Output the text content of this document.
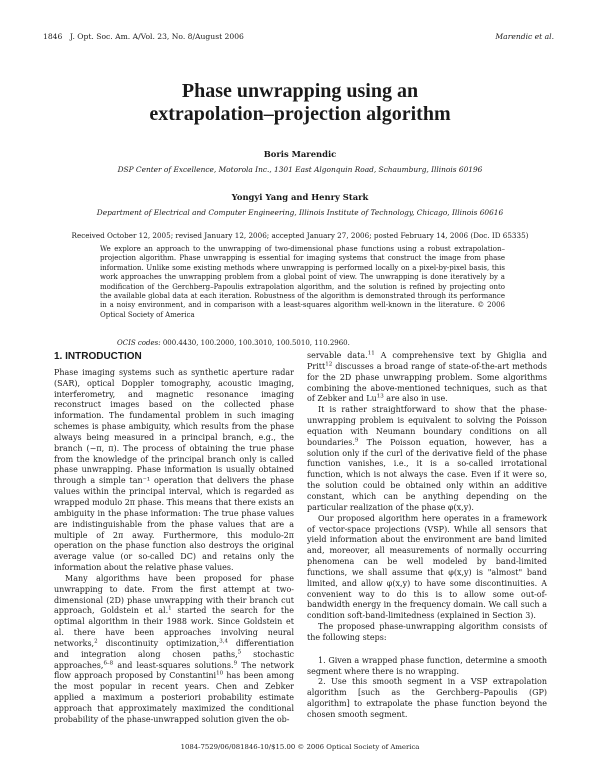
1846 J. Opt. Soc. Am. A/Vol. 23, No. 8/August 2006	Marendic et al.
Phase unwrapping using an
extrapolation–projection algorithm
Boris Marendic
DSP Center of Excellence, Motorola Inc., 1301 East Algonquin Road, Schaumburg, Illinois 60196
Yongyi Yang and Henry Stark
Department of Electrical and Computer Engineering, Illinois Institute of Technology, Chicago, Illinois 60616
Received October 12, 2005; revised January 12, 2006; accepted January 27, 2006; posted February 14, 2006 (Doc. ID 65335)
We explore an approach to the unwrapping of two-dimensional phase functions using a robust extrapolation–projection algorithm. Phase unwrapping is essential for imaging systems that construct the image from phase information. Unlike some existing methods where unwrapping is performed locally on a pixel-by-pixel basis, this work approaches the unwrapping problem from a global point of view. The unwrapping is done iteratively by a modification of the Gerchberg–Papoulis extrapolation algorithm, and the solution is refined by projecting onto the available global data at each iteration. Robustness of the algorithm is demonstrated through its performance in a noisy environment, and in comparison with a least-squares algorithm well-known in the literature. © 2006 Optical Society of America
OCIS codes: 000.4430, 100.2000, 100.3010, 100.5010, 110.2960.
1. INTRODUCTION

Phase imaging systems such as synthetic aperture radar (SAR), optical Doppler tomography, acoustic imaging, interferometry, and magnetic resonance imaging reconstruct images based on the collected phase information. The fundamental problem in such imaging schemes is phase ambiguity, which results from the phase always being measured in a principal branch, e.g., the branch (−π, π). The process of obtaining the true phase from the knowledge of the principal branch only is called phase unwrapping. Phase information is usually obtained through a simple tan⁻¹ operation that delivers the phase values within the principal interval, which is regarded as wrapped modulo 2π phase. This means that there exists an ambiguity in the phase information: The true phase values are indistinguishable from the phase values that are a multiple of 2π away. Furthermore, this modulo-2π operation on the phase function also destroys the original average value (or so-called DC) and retains only the information about the relative phase values.

Many algorithms have been proposed for phase unwrapping to date. From the first attempt at two-dimensional (2D) phase unwrapping with their branch cut approach, Goldstein et al.$^1$ started the search for the optimal algorithm in their 1988 work. Since Goldstein et al. there have been approaches involving neural networks,$^2$ discontinuity optimization,$^{3,4}$ differentiation and integration along chosen paths,$^5$ stochastic approaches,$^{6-8}$ and least-squares solutions.$^9$ The network flow approach proposed by Constantini$^{10}$ has been among the most popular in recent years. Chen and Zebker applied a maximum a posteriori probability estimate approach that approximately maximized the conditional probability of the phase-unwrapped solution given the ob-

servable data.$^{11}$ A comprehensive text by Ghiglia and Pritt$^{12}$ discusses a broad range of state-of-the-art methods for the 2D phase unwrapping problem. Some algorithms combining the above-mentioned techniques, such as that of Zebker and Lu$^{13}$ are also in use.

It is rather straightforward to show that the phase-unwrapping problem is equivalent to solving the Poisson equation with Neumann boundary conditions on all boundaries.$^9$ The Poisson equation, however, has a solution only if the curl of the derivative field of the phase function vanishes, i.e., it is a so-called irrotational function, which is not always the case. Even if it were so, the solution could be obtained only within an additive constant, which can be anything depending on the particular realization of the phase φ(x,y).

Our proposed algorithm here operates in a framework of vector-space projections (VSP). While all sensors that yield information about the environment are band limited and, moreover, all measurements of normally occurring phenomena can be well modeled by band-limited functions, we shall assume that φ(x,y) is "almost" band limited, and allow φ(x,y) to have some discontinuities. A convenient way to do this is to allow some out-of-bandwidth energy in the frequency domain. We call such a condition soft-band-limitedness (explained in Section 3).

The proposed phase-unwrapping algorithm consists of the following steps:

1. Given a wrapped phase function, determine a smooth segment where there is no wrapping.
2. Use this smooth segment in a VSP extrapolation algorithm [such as the Gerchberg–Papoulis (GP) algorithm] to extrapolate the phase function beyond the chosen smooth segment.
1084-7529/06/081846-10/$15.00 © 2006 Optical Society of America
